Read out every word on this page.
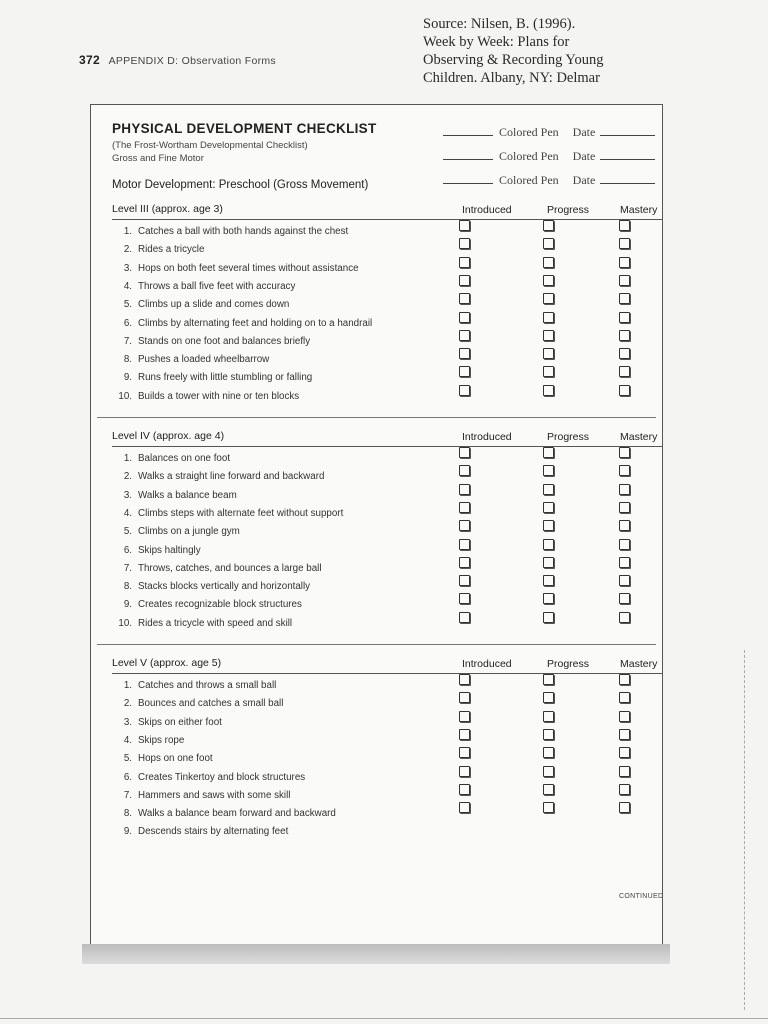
Source: Nilsen, B. (1996).
Week by Week: Plans for
Observing & Recording Young
Children. Albany, NY: Delmar
372 APPENDIX D: Observation Forms
PHYSICAL DEVELOPMENT CHECKLIST
(The Frost-Wortham Developmental Checklist)
Gross and Fine Motor
Motor Development: Preschool (Gross Movement)
Colored Pen Date
Colored Pen Date
Colored Pen Date
CONTINUED
Level III (approx. age 3)	Introduced	Progress	Mastery
1. Catches a ball with both hands against the chest
2. Rides a tricycle
3. Hops on both feet several times without assistance
4. Throws a ball five feet with accuracy
5. Climbs up a slide and comes down
6. Climbs by alternating feet and holding on to a handrail
7. Stands on one foot and balances briefly
8. Pushes a loaded wheelbarrow
9. Runs freely with little stumbling or falling
10. Builds a tower with nine or ten blocks
Level IV (approx. age 4)	Introduced	Progress	Mastery
1. Balances on one foot
2. Walks a straight line forward and backward
3. Walks a balance beam
4. Climbs steps with alternate feet without support
5. Climbs on a jungle gym
6. Skips haltingly
7. Throws, catches, and bounces a large ball
8. Stacks blocks vertically and horizontally
9. Creates recognizable block structures
10. Rides a tricycle with speed and skill
Level V (approx. age 5)	Introduced	Progress	Mastery
1. Catches and throws a small ball
2. Bounces and catches a small ball
3. Skips on either foot
4. Skips rope
5. Hops on one foot
6. Creates Tinkertoy and block structures
7. Hammers and saws with some skill
8. Walks a balance beam forward and backward
9. Descends stairs by alternating feet
